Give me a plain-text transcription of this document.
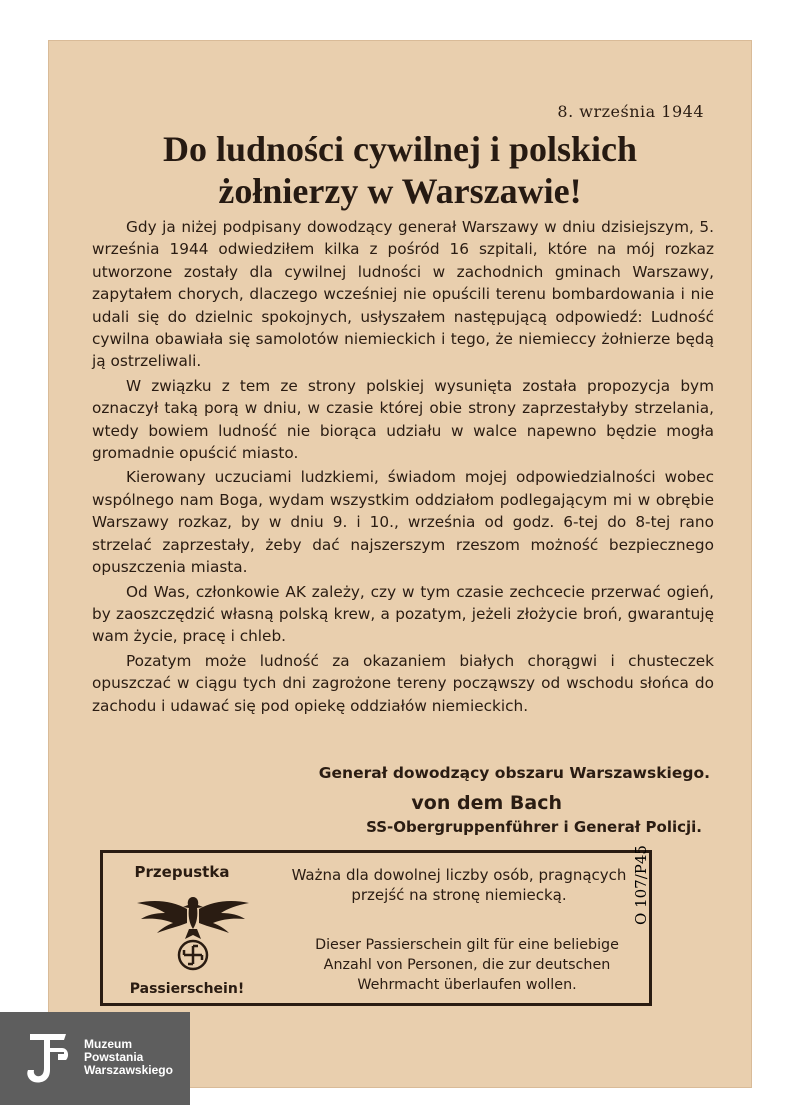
8. września 1944
Do ludności cywilnej i polskich
żołnierzy w Warszawie!

Gdy ja niżej podpisany dowodzący generał Warszawy w dniu dzisiejszym, 5. września 1944 odwiedziłem kilka z pośród 16 szpitali, które na mój rozkaz utworzone zostały dla cywilnej ludności w zachodnich gminach Warszawy, zapytałem chorych, dlaczego wcześniej nie opuścili terenu bombardowania i nie udali się do dzielnic spokojnych, usłyszałem następującą odpowiedź: Ludność cywilna obawiała się samolotów niemieckich i tego, że niemieccy żołnierze będą ją ostrzeliwali.

W związku z tem ze strony polskiej wysunięta została propozycja bym oznaczył taką porą w dniu, w czasie której obie strony zaprzestałyby strzelania, wtedy bowiem ludność nie biorąca udziału w walce napewno będzie mogła gromadnie opuścić miasto.

Kierowany uczuciami ludzkiemi, świadom mojej odpowiedzialności wobec wspólnego nam Boga, wydam wszystkim oddziałom podlegającym mi w obrębie Warszawy rozkaz, by w dniu 9. i 10., września od godz. 6-tej do 8-tej rano strzelać zaprzestały, żeby dać najszerszym rzeszom możność bezpiecznego opuszczenia miasta.

Od Was, członkowie AK zależy, czy w tym czasie zechcecie przerwać ogień, by zaoszczędzić własną polską krew, a pozatym, jeżeli złożycie broń, gwarantuję wam życie, pracę i chleb.

Pozatym może ludność za okazaniem białych chorągwi i chusteczek opuszczać w ciągu tych dni zagrożone tereny począwszy od wschodu słońca do zachodu i udawać się pod opiekę oddziałów niemieckich.

Generał dowodzący obszaru Warszawskiego.
von dem Bach
SS-Obergruppenführer i Generał Policji.
Przepustka
Passierschein!
Ważna dla dowolnej liczby osób, pragnących przejść na stronę niemiecką.
Dieser Passierschein gilt für eine beliebige Anzahl von Personen, die zur deutschen Wehrmacht überlaufen wollen.
O 107/P45
Muzeum
Powstania
Warszawskiego
